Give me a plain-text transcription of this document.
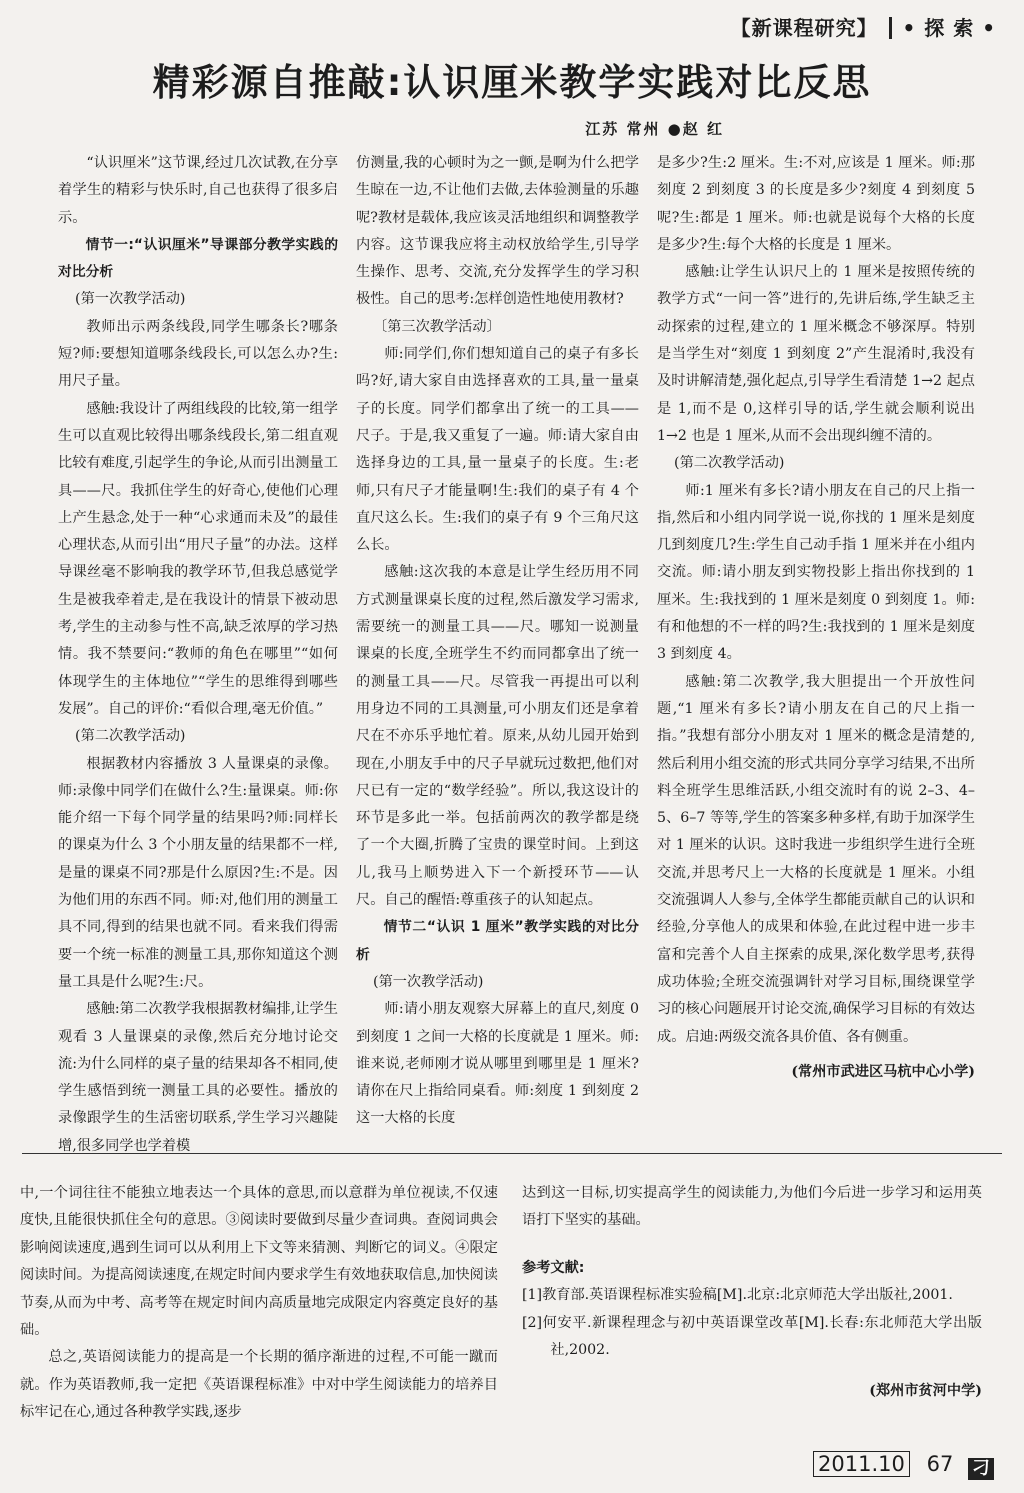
【新课程研究】 • 探 索 •
精彩源自推敲:认识厘米教学实践对比反思
江苏 常州 ●赵 红

“认识厘米”这节课,经过几次试教,在分享着学生的精彩与快乐时,自己也获得了很多启示。

情节一:“认识厘米”导课部分教学实践的对比分析

(第一次教学活动)

教师出示两条线段,同学生哪条长?哪条短?师:要想知道哪条线段长,可以怎么办?生:用尺子量。

感触:我设计了两组线段的比较,第一组学生可以直观比较得出哪条线段长,第二组直观比较有难度,引起学生的争论,从而引出测量工具——尺。我抓住学生的好奇心,使他们心理上产生悬念,处于一种“心求通而未及”的最佳心理状态,从而引出“用尺子量”的办法。这样导课丝毫不影响我的教学环节,但我总感觉学生是被我牵着走,是在我设计的情景下被动思考,学生的主动参与性不高,缺乏浓厚的学习热情。我不禁要问:“教师的角色在哪里”“如何体现学生的主体地位”“学生的思维得到哪些发展”。自己的评价:“看似合理,毫无价值。”

(第二次教学活动)

根据教材内容播放 3 人量课桌的录像。师:录像中同学们在做什么?生:量课桌。师:你能介绍一下每个同学量的结果吗?师:同样长的课桌为什么 3 个小朋友量的结果都不一样,是量的课桌不同?那是什么原因?生:不是。因为他们用的东西不同。师:对,他们用的测量工具不同,得到的结果也就不同。看来我们得需要一个统一标准的测量工具,那你知道这个测量工具是什么呢?生:尺。

感触:第二次教学我根据教材编排,让学生观看 3 人量课桌的录像,然后充分地讨论交流:为什么同样的桌子量的结果却各不相同,使学生感悟到统一测量工具的必要性。播放的录像跟学生的生活密切联系,学生学习兴趣陡增,很多同学也学着模

仿测量,我的心顿时为之一颤,是啊为什么把学生晾在一边,不让他们去做,去体验测量的乐趣呢?教材是载体,我应该灵活地组织和调整教学内容。这节课我应将主动权放给学生,引导学生操作、思考、交流,充分发挥学生的学习积极性。自己的思考:怎样创造性地使用教材?

〔第三次教学活动〕

师:同学们,你们想知道自己的桌子有多长吗?好,请大家自由选择喜欢的工具,量一量桌子的长度。同学们都拿出了统一的工具——尺子。于是,我又重复了一遍。师:请大家自由选择身边的工具,量一量桌子的长度。生:老师,只有尺子才能量啊!生:我们的桌子有 4 个直尺这么长。生:我们的桌子有 9 个三角尺这么长。

感触:这次我的本意是让学生经历用不同方式测量课桌长度的过程,然后激发学习需求,需要统一的测量工具——尺。哪知一说测量课桌的长度,全班学生不约而同都拿出了统一的测量工具——尺。尽管我一再提出可以利用身边不同的工具测量,可小朋友们还是拿着尺在不亦乐乎地忙着。原来,从幼儿园开始到现在,小朋友手中的尺子早就玩过数把,他们对尺已有一定的“数学经验”。所以,我这设计的环节是多此一举。包括前两次的教学都是绕了一个大圈,折腾了宝贵的课堂时间。上到这儿,我马上顺势进入下一个新授环节——认尺。自己的醒悟:尊重孩子的认知起点。

情节二“认识 1 厘米”教学实践的对比分析

(第一次教学活动)

师:请小朋友观察大屏幕上的直尺,刻度 0 到刻度 1 之间一大格的长度就是 1 厘米。师:谁来说,老师刚才说从哪里到哪里是 1 厘米?请你在尺上指给同桌看。师:刻度 1 到刻度 2 这一大格的长度

是多少?生:2 厘米。生:不对,应该是 1 厘米。师:那刻度 2 到刻度 3 的长度是多少?刻度 4 到刻度 5 呢?生:都是 1 厘米。师:也就是说每个大格的长度是多少?生:每个大格的长度是 1 厘米。

感触:让学生认识尺上的 1 厘米是按照传统的教学方式“一问一答”进行的,先讲后练,学生缺乏主动探索的过程,建立的 1 厘米概念不够深厚。特别是当学生对“刻度 1 到刻度 2”产生混淆时,我没有及时讲解清楚,强化起点,引导学生看清楚 1→2 起点是 1,而不是 0,这样引导的话,学生就会顺利说出 1→2 也是 1 厘米,从而不会出现纠缠不清的。

(第二次教学活动)

师:1 厘米有多长?请小朋友在自己的尺上指一指,然后和小组内同学说一说,你找的 1 厘米是刻度几到刻度几?生:学生自己动手指 1 厘米并在小组内交流。师:请小朋友到实物投影上指出你找到的 1 厘米。生:我找到的 1 厘米是刻度 0 到刻度 1。师:有和他想的不一样的吗?生:我找到的 1 厘米是刻度 3 到刻度 4。

感触:第二次教学,我大胆提出一个开放性问题,“1 厘米有多长?请小朋友在自己的尺上指一指。”我想有部分小朋友对 1 厘米的概念是清楚的,然后利用小组交流的形式共同分享学习结果,不出所料全班学生思维活跃,小组交流时有的说 2–3、4–5、6–7 等等,学生的答案多种多样,有助于加深学生对 1 厘米的认识。这时我进一步组织学生进行全班交流,并思考尺上一大格的长度就是 1 厘米。小组交流强调人人参与,全体学生都能贡献自己的认识和经验,分享他人的成果和体验,在此过程中进一步丰富和完善个人自主探索的成果,深化数学思考,获得成功体验;全班交流强调针对学习目标,围绕课堂学习的核心问题展开讨论交流,确保学习目标的有效达成。启迪:两级交流各具价值、各有侧重。

(常州市武进区马杭中心小学)

中,一个词往往不能独立地表达一个具体的意思,而以意群为单位视读,不仅速度快,且能很快抓住全句的意思。③阅读时要做到尽量少查词典。查阅词典会影响阅读速度,遇到生词可以从利用上下文等来猜测、判断它的词义。④限定阅读时间。为提高阅读速度,在规定时间内要求学生有效地获取信息,加快阅读节奏,从而为中考、高考等在规定时间内高质量地完成限定内容奠定良好的基础。

总之,英语阅读能力的提高是一个长期的循序渐进的过程,不可能一蹴而就。作为英语教师,我一定把《英语课程标准》中对中学生阅读能力的培养目标牢记在心,通过各种教学实践,逐步

达到这一目标,切实提高学生的阅读能力,为他们今后进一步学习和运用英语打下坚实的基础。

参考文献:

[1]教育部.英语课程标准实验稿[M].北京:北京师范大学出版社,2001.

[2]何安平.新课程理念与初中英语课堂改革[M].长春:东北师范大学出版社,2002.

(郑州市贫河中学)

2011.10 67 刁
